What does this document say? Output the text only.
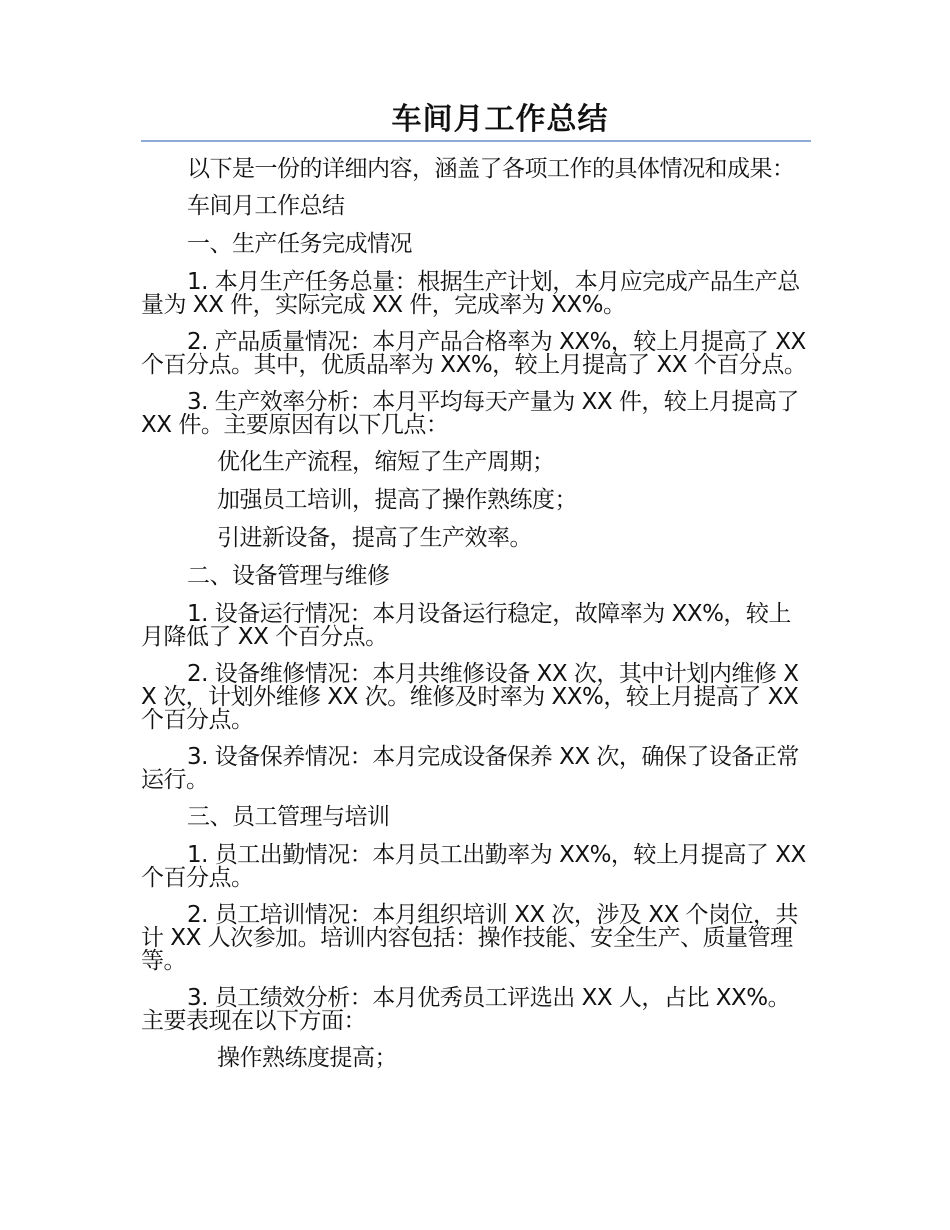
车间月工作总结
以下是一份的详细内容，涵盖了各项工作的具体情况和成果：
车间月工作总结
一、生产任务完成情况
1. 本月生产任务总量：根据生产计划，本月应完成产品生产总量为 XX 件，实际完成 XX 件，完成率为 XX%。
2. 产品质量情况：本月产品合格率为 XX%，较上月提高了 XX 个百分点。其中，优质品率为 XX%，较上月提高了 XX 个百分点。
3. 生产效率分析：本月平均每天产量为 XX 件，较上月提高了 XX 件。主要原因有以下几点：
优化生产流程，缩短了生产周期；
加强员工培训，提高了操作熟练度；
引进新设备，提高了生产效率。
二、设备管理与维修
1. 设备运行情况：本月设备运行稳定，故障率为 XX%，较上月降低了 XX 个百分点。
2. 设备维修情况：本月共维修设备 XX 次，其中计划内维修 XX 次，计划外维修 XX 次。维修及时率为 XX%，较上月提高了 XX 个百分点。
3. 设备保养情况：本月完成设备保养 XX 次，确保了设备正常运行。
三、员工管理与培训
1. 员工出勤情况：本月员工出勤率为 XX%，较上月提高了 XX 个百分点。
2. 员工培训情况：本月组织培训 XX 次，涉及 XX 个岗位，共计 XX 人次参加。培训内容包括：操作技能、安全生产、质量管理等。
3. 员工绩效分析：本月优秀员工评选出 XX 人，占比 XX%。主要表现在以下方面：
操作熟练度提高；
